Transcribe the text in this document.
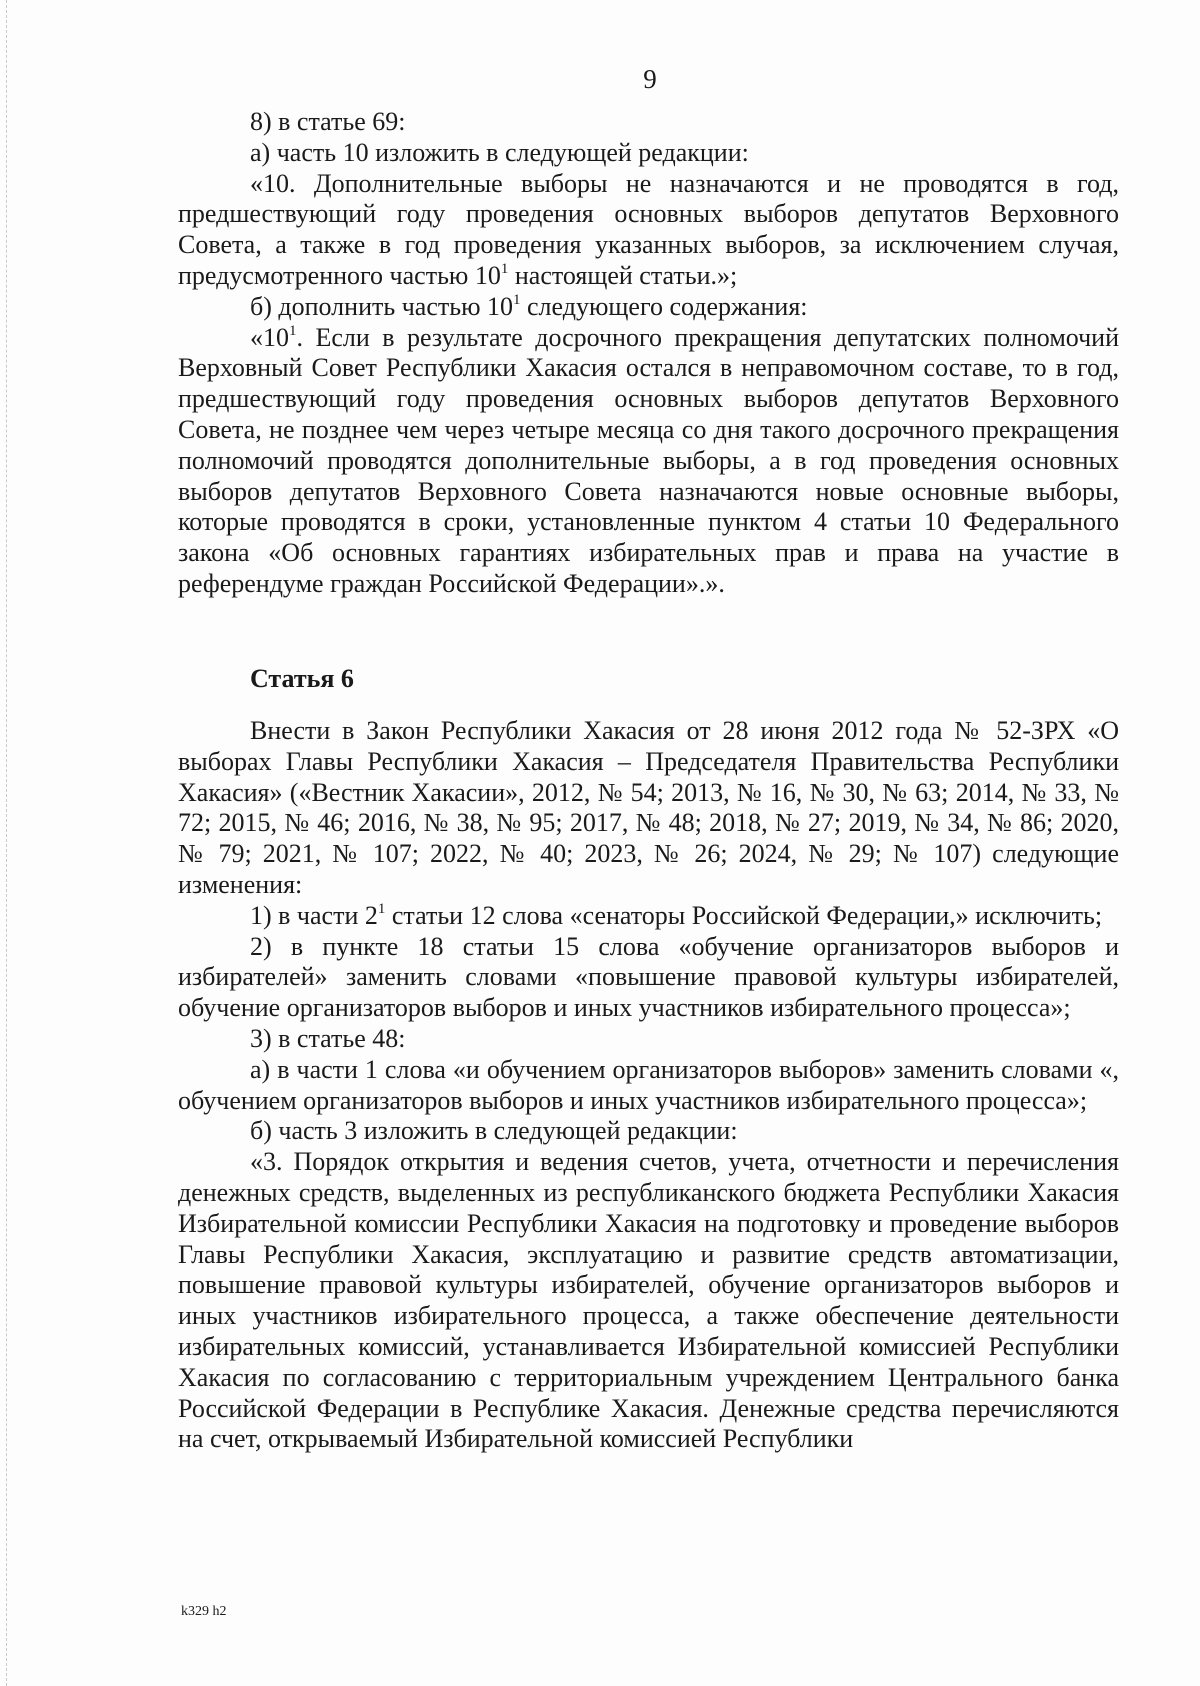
9

8) в статье 69:

а) часть 10 изложить в следующей редакции:

«10. Дополнительные выборы не назначаются и не проводятся в год, предшествующий году проведения основных выборов депутатов Верховного Совета, а также в год проведения указанных выборов, за исключением случая, предусмотренного частью $10^1$ настоящей статьи.»;

б) дополнить частью $10^1$ следующего содержания:

«$10^1$. Если в результате досрочного прекращения депутатских полномочий Верховный Совет Республики Хакасия остался в неправомочном составе, то в год, предшествующий году проведения основных выборов депутатов Верховного Совета, не позднее чем через четыре месяца со дня такого досрочного прекращения полномочий проводятся дополнительные выборы, а в год проведения основных выборов депутатов Верховного Совета назначаются новые основные выборы, которые проводятся в сроки, установленные пунктом 4 статьи 10 Федерального закона «Об основных гарантиях избирательных прав и права на участие в референдуме граждан Российской Федерации».».

Статья 6

Внести в Закон Республики Хакасия от 28 июня 2012 года № 52-ЗРХ «О выборах Главы Республики Хакасия – Председателя Правительства Республики Хакасия» («Вестник Хакасии», 2012, № 54; 2013, № 16, № 30, № 63; 2014, № 33, № 72; 2015, № 46; 2016, № 38, № 95; 2017, № 48; 2018, № 27; 2019, № 34, № 86; 2020, № 79; 2021, № 107; 2022, № 40; 2023, № 26; 2024, № 29; № 107) следующие изменения:

1) в части $2^1$ статьи 12 слова «сенаторы Российской Федерации,» исключить;

2) в пункте 18 статьи 15 слова «обучение организаторов выборов и избирателей» заменить словами «повышение правовой культуры избирателей, обучение организаторов выборов и иных участников избирательного процесса»;

3) в статье 48:

а) в части 1 слова «и обучением организаторов выборов» заменить словами «, обучением организаторов выборов и иных участников избирательного процесса»;

б) часть 3 изложить в следующей редакции:

«3. Порядок открытия и ведения счетов, учета, отчетности и перечисления денежных средств, выделенных из республиканского бюджета Республики Хакасия Избирательной комиссии Республики Хакасия на подготовку и проведение выборов Главы Республики Хакасия, эксплуатацию и развитие средств автоматизации, повышение правовой культуры избирателей, обучение организаторов выборов и иных участников избирательного процесса, а также обеспечение деятельности избирательных комиссий, устанавливается Избирательной комиссией Республики Хакасия по согласованию с территориальным учреждением Центрального банка Российской Федерации в Республике Хакасия. Денежные средства перечисляются на счет, открываемый Избирательной комиссией Республики

k329 h2
